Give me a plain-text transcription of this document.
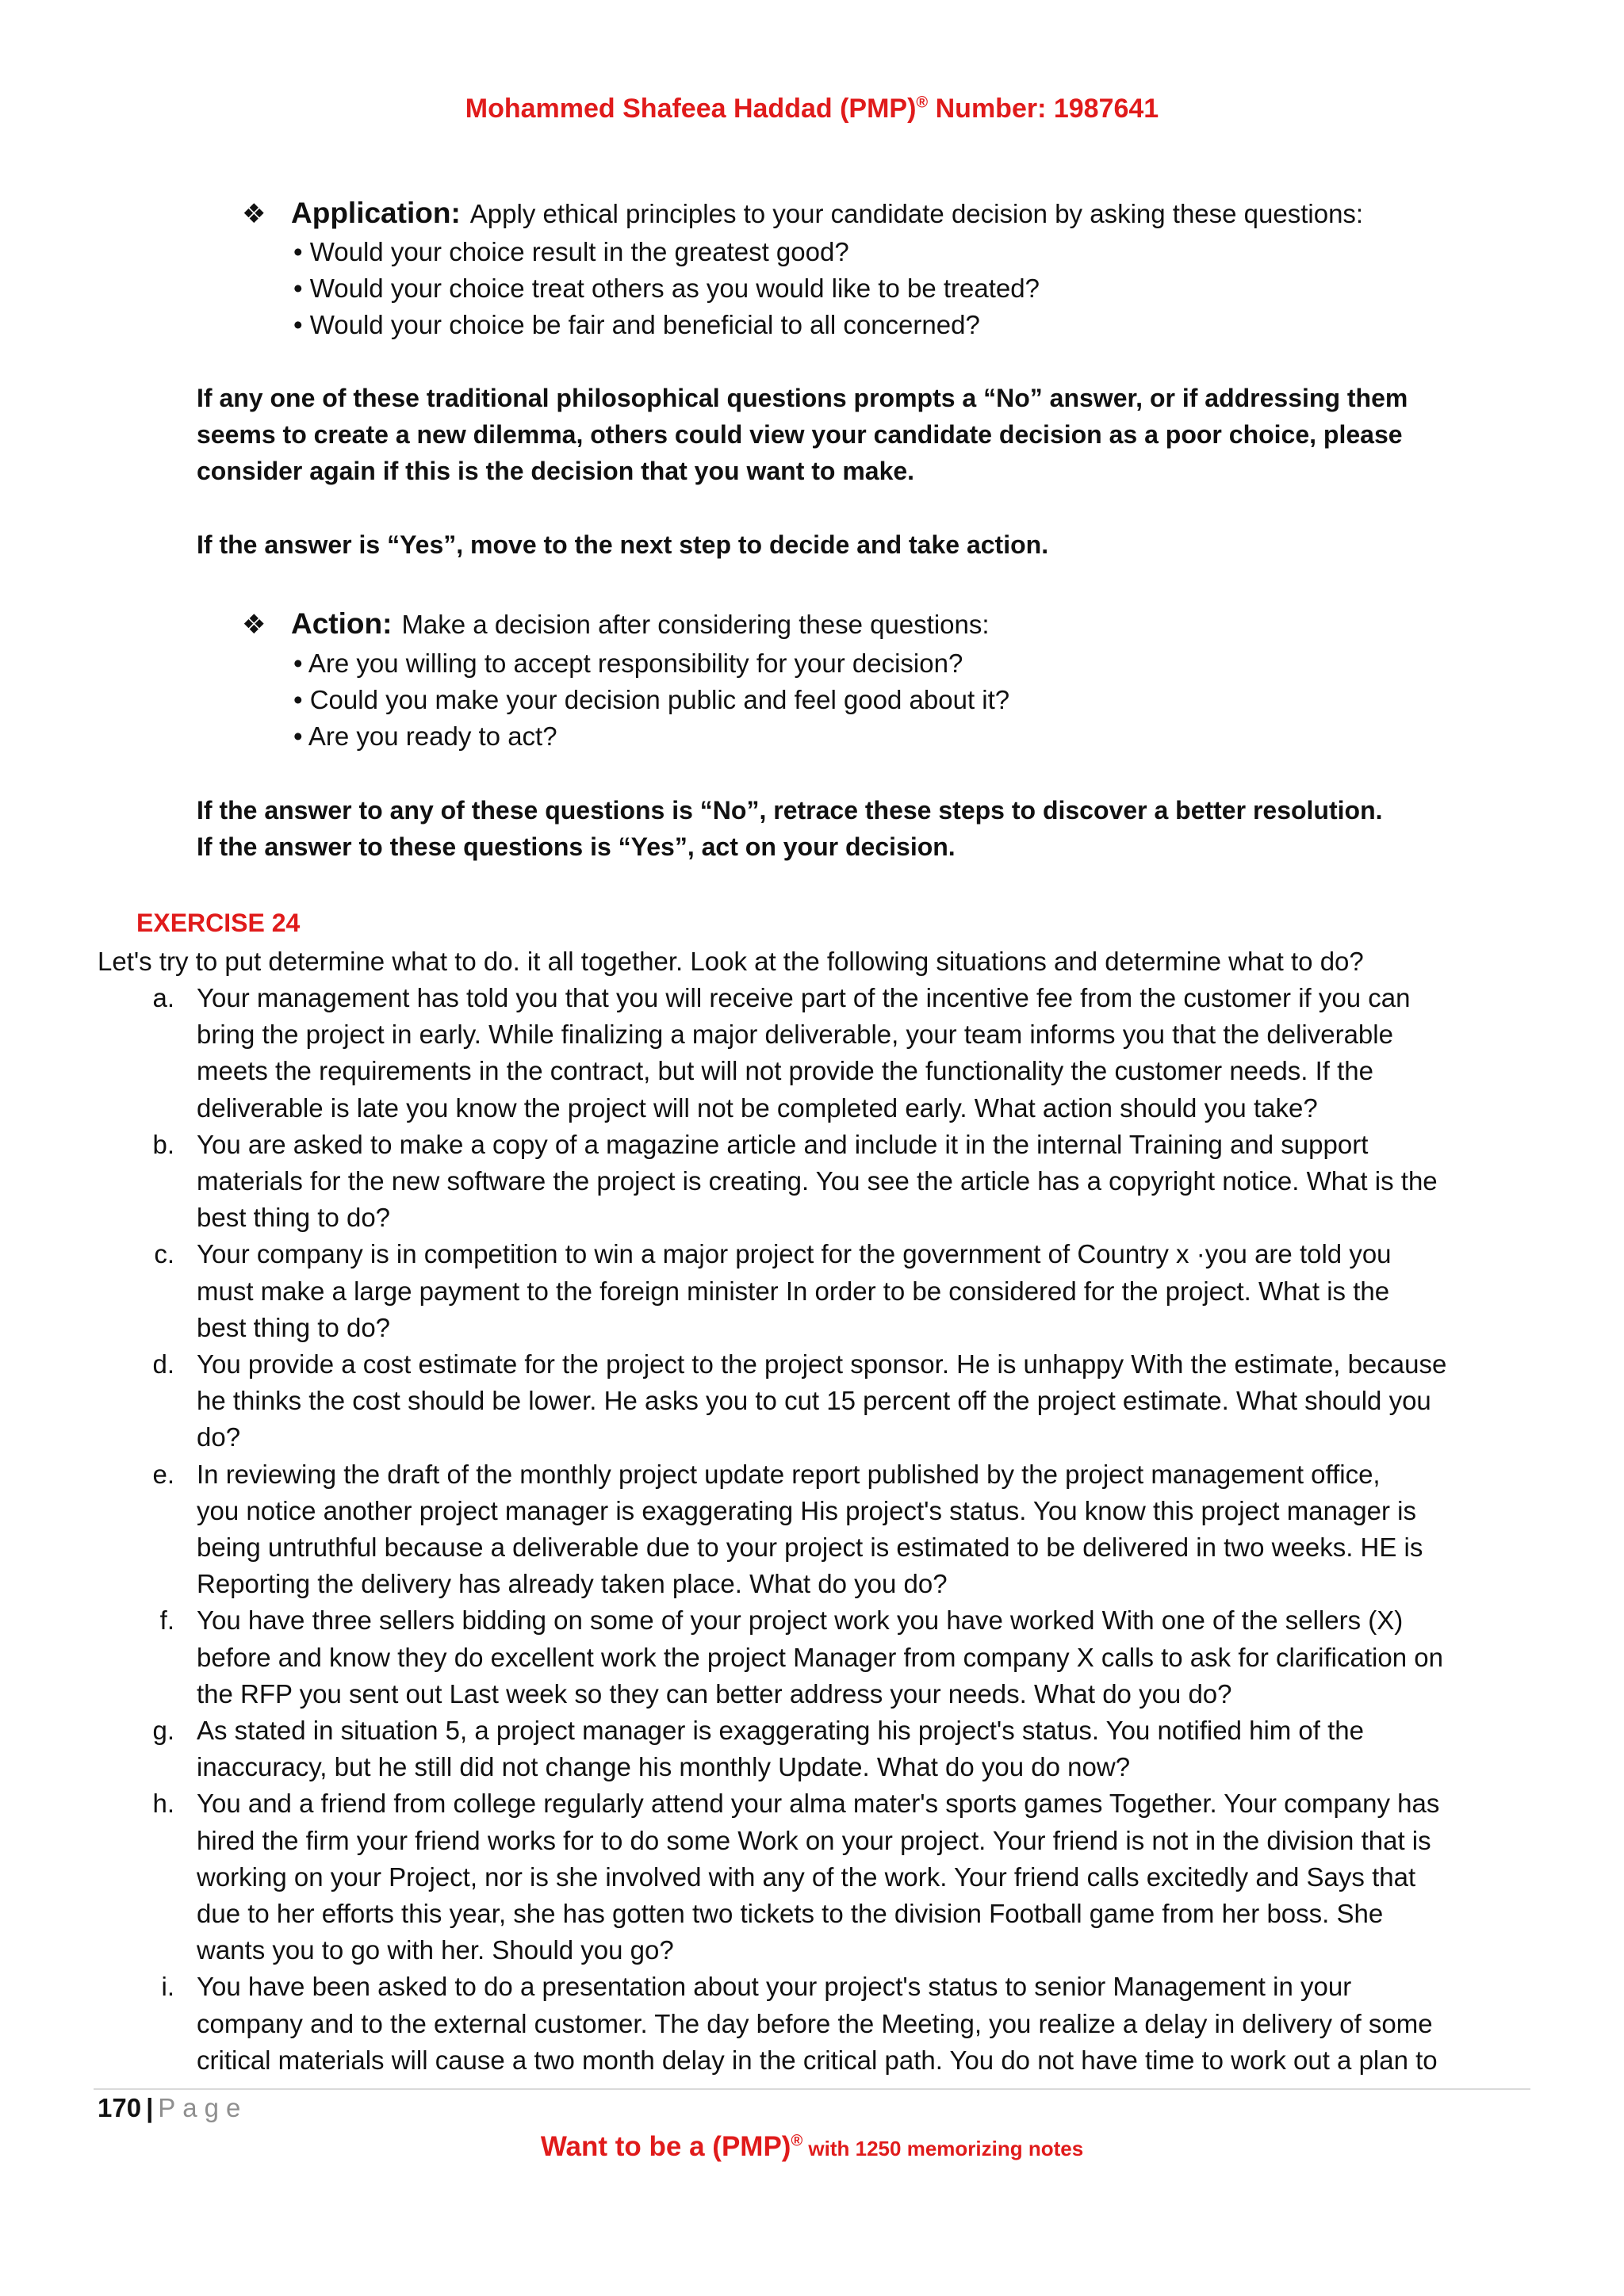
Mohammed Shafeea Haddad (PMP)® Number: 1987641
❖ Application: Apply ethical principles to your candidate decision by asking these questions:
• Would your choice result in the greatest good?
• Would your choice treat others as you would like to be treated?
• Would your choice be fair and beneficial to all concerned?
If any one of these traditional philosophical questions prompts a “No” answer, or if addressing them
seems to create a new dilemma, others could view your candidate decision as a poor choice, please
consider again if this is the decision that you want to make.
If the answer is “Yes”, move to the next step to decide and take action.
❖ Action: Make a decision after considering these questions:
• Are you willing to accept responsibility for your decision?
• Could you make your decision public and feel good about it?
• Are you ready to act?
If the answer to any of these questions is “No”, retrace these steps to discover a better resolution.
If the answer to these questions is “Yes”, act on your decision.
EXERCISE 24
Let's try to put determine what to do. it all together. Look at the following situations and determine what to do?
a. Your management has told you that you will receive part of the incentive fee from the customer if you can
bring the project in early. While finalizing a major deliverable, your team informs you that the deliverable
meets the requirements in the contract, but will not provide the functionality the customer needs. If the
deliverable is late you know the project will not be completed early. What action should you take?
b. You are asked to make a copy of a magazine article and include it in the internal Training and support
materials for the new software the project is creating. You see the article has a copyright notice. What is the
best thing to do?
c. Your company is in competition to win a major project for the government of Country x ·you are told you
must make a large payment to the foreign minister In order to be considered for the project. What is the
best thing to do?
d. You provide a cost estimate for the project to the project sponsor. He is unhappy With the estimate, because
he thinks the cost should be lower. He asks you to cut 15 percent off the project estimate. What should you
do?
e. In reviewing the draft of the monthly project update report published by the project management office,
you notice another project manager is exaggerating His project's status. You know this project manager is
being untruthful because a deliverable due to your project is estimated to be delivered in two weeks. HE is
Reporting the delivery has already taken place. What do you do?
f. You have three sellers bidding on some of your project work you have worked With one of the sellers (X)
before and know they do excellent work the project Manager from company X calls to ask for clarification on
the RFP you sent out Last week so they can better address your needs. What do you do?
g. As stated in situation 5, a project manager is exaggerating his project's status. You notified him of the
inaccuracy, but he still did not change his monthly Update. What do you do now?
h. You and a friend from college regularly attend your alma mater's sports games Together. Your company has
hired the firm your friend works for to do some Work on your project. Your friend is not in the division that is
working on your Project, nor is she involved with any of the work. Your friend calls excitedly and Says that
due to her efforts this year, she has gotten two tickets to the division Football game from her boss. She
wants you to go with her. Should you go?
i. You have been asked to do a presentation about your project's status to senior Management in your
company and to the external customer. The day before the Meeting, you realize a delay in delivery of some
critical materials will cause a two month delay in the critical path. You do not have time to work out a plan to
170 | Page
Want to be a (PMP)® with 1250 memorizing notes
